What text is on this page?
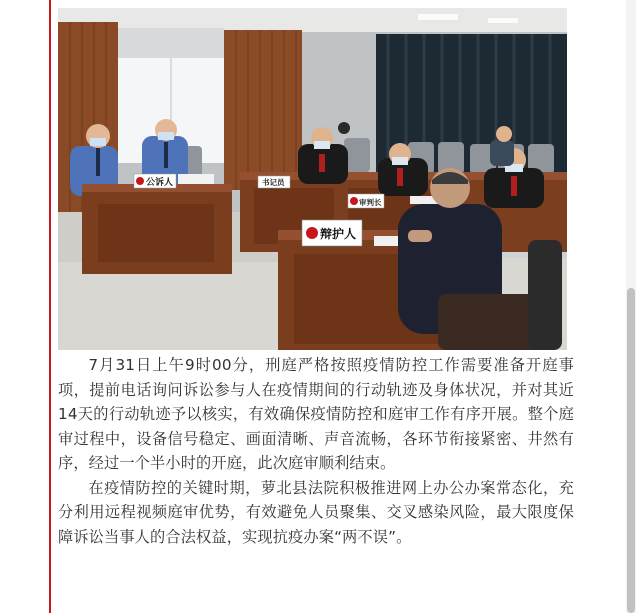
公诉人	书记员
审判长
辩护人

7月31日上午9时00分，刑庭严格按照疫情防控工作需要准备开庭事项，提前电话询问诉讼参与人在疫情期间的行动轨迹及身体状况，并对其近14天的行动轨迹予以核实，有效确保疫情防控和庭审工作有序开展。整个庭审过程中，设备信号稳定、画面清晰、声音流畅，各环节衔接紧密、井然有序，经过一个半小时的开庭，此次庭审顺利结束。

在疫情防控的关键时期，萝北县法院积极推进网上办公办案常态化，充分利用远程视频庭审优势，有效避免人员聚集、交叉感染风险，最大限度保障诉讼当事人的合法权益，实现抗疫办案“两不误”。
